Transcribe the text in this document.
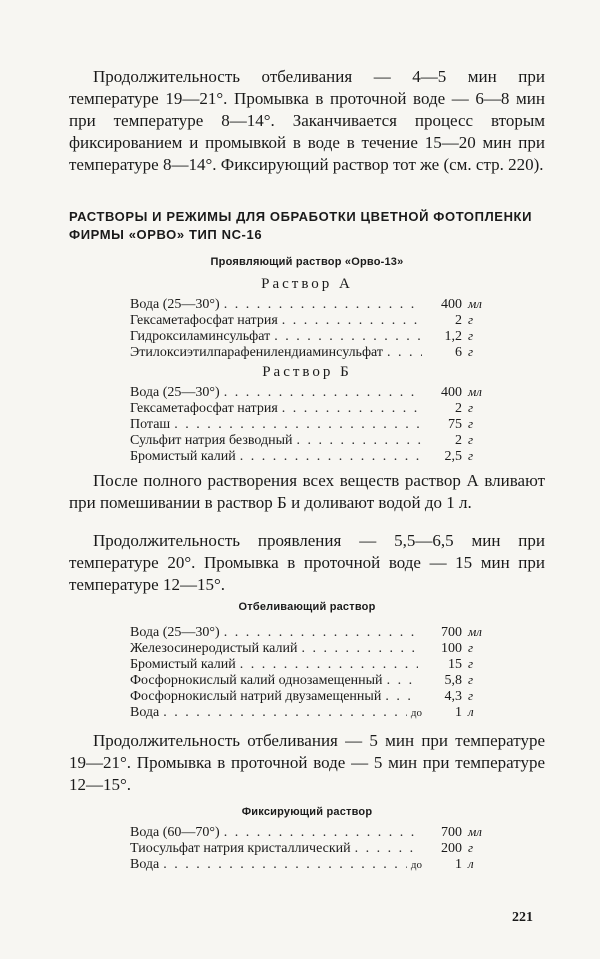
Продолжительность отбеливания — 4—5 мин при температуре 19—21°. Промывка в проточной воде — 6—8 мин при температуре 8—14°. Заканчивается процесс вторым фиксированием и промывкой в воде в течение 15—20 мин при температуре 8—14°. Фиксирующий раствор тот же (см. стр. 220).

РАСТВОРЫ И РЕЖИМЫ ДЛЯ ОБРАБОТКИ ЦВЕТНОЙ ФОТОПЛЕНКИ ФИРМЫ «ОРВО» ТИП NC-16
Проявляющий раствор «Орво-13»
Раствор А
Вода (25—30°) . . .	400 мл
Гексаметафосфат натрия . . .	2 г
Гидроксиламинсульфат . . .	1,2 г
Этилоксиэтилпарафенилендиаминсульфат . . .	6 г
Раствор Б
Вода (25—30°) . . .	400 мл
Гексаметафосфат натрия . . .	2 г
Поташ . . .	75 г
Сульфит натрия безводный . . .	2 г
Бромистый калий . . .	2,5 г

После полного растворения всех веществ раствор А вливают при помешивании в раствор Б и доливают водой до 1 л.

Продолжительность проявления — 5,5—6,5 мин при температуре 20°. Промывка в проточной воде — 15 мин при температуре 12—15°.

Отбеливающий раствор
Вода (25—30°) . . .	700 мл
Железосинеродистый калий . . .	100 г
Бромистый калий . . .	15 г
Фосфорнокислый калий однозамещенный . . .	5,8 г
Фосфорнокислый натрий двузамещенный . . .	4,3 г
Вода . . .	до	1 л

Продолжительность отбеливания — 5 мин при температуре 19—21°. Промывка в проточной воде — 5 мин при температуре 12—15°.

Фиксирующий раствор
Вода (60—70°) . . .	700 мл
Тиосульфат натрия кристаллический . . .	200 г
Вода . . .	до	1 л
221
